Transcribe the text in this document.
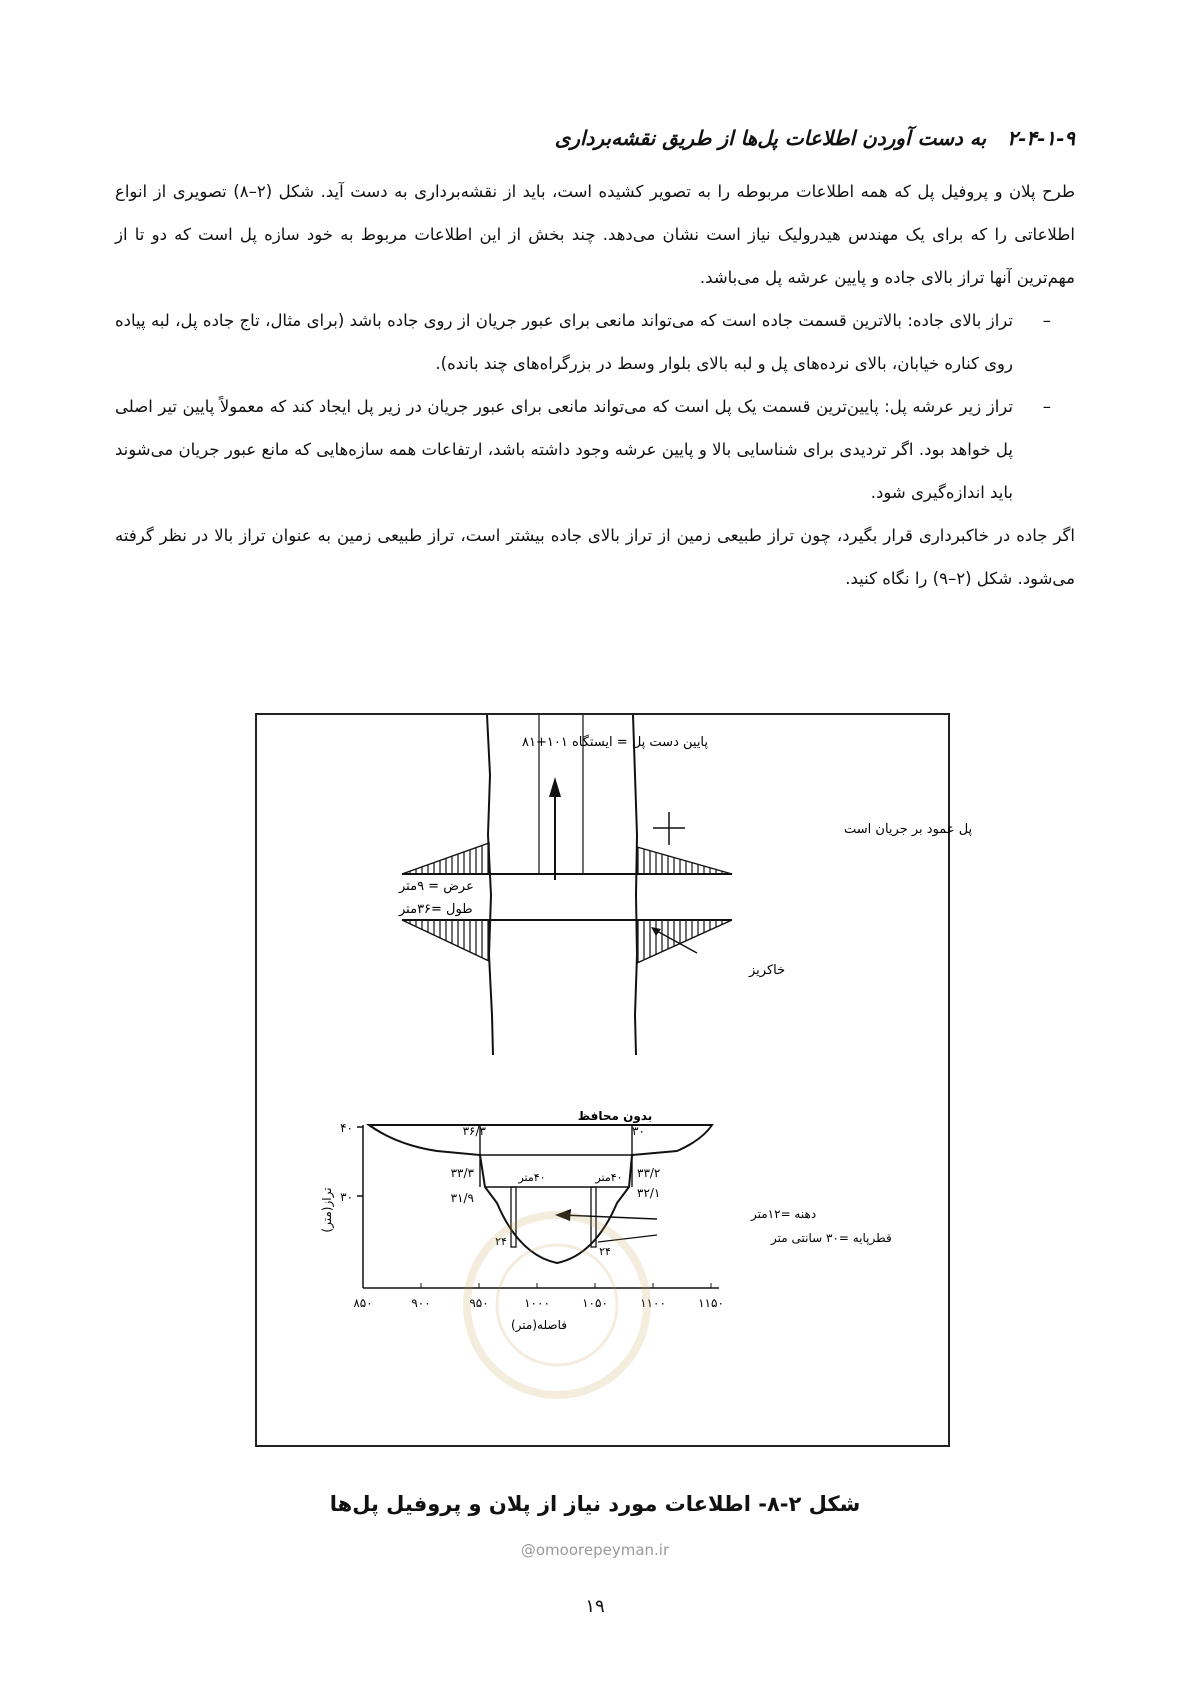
۲-۴-۱-۹ به دست آوردن اطلاعات پل‌ها از طریق نقشه‌برداری

طرح پلان و پروفیل پل که همه اطلاعات مربوطه را به تصویر کشیده است، باید از نقشه‌برداری به دست آید. شکل (۲–۸) تصویری از انواع اطلاعاتی را که برای یک مهندس هیدرولیک نیاز است نشان می‌دهد. چند بخش از این اطلاعات مربوط به خود سازه پل است که دو تا از مهم‌ترین آنها تراز بالای جاده و پایین عرشه پل می‌باشد.

–
تراز بالای جاده: بالاترین قسمت جاده است که می‌تواند مانعی برای عبور جریان از روی جاده باشد (برای مثال، تاج جاده پل، لبه پیاده روی کناره خیابان، بالای نرده‌های پل و لبه بالای بلوار وسط در بزرگراه‌های چند بانده).
–
تراز زیر عرشه پل: پایین‌ترین قسمت یک پل است که می‌تواند مانعی برای عبور جریان در زیر پل ایجاد کند که معمولاً پایین تیر اصلی پل خواهد بود. اگر تردیدی برای شناسایی بالا و پایین عرشه وجود داشته باشد، ارتفاعات همه سازه‌هایی که مانع عبور جریان می‌شوند باید اندازه‌گیری شود.

اگر جاده در خاکبرداری قرار بگیرد، چون تراز طبیعی زمین از تراز بالای جاده بیشتر است، تراز طبیعی زمین به عنوان تراز بالا در نظر گرفته می‌شود. شکل (۲–۹) را نگاه کنید.

پایین دست پل = ایستگاه ۱۰۱+۸۱
پل عمود بر جریان است
عرض = ۹متر
طول =۳۶متر
خاکریز
بدون محافظ
۴۰
۳۰
تراز(متر)
۳۶/۳	۳۰
۳۳/۳	۳۳/۲
۳۱/۹	۳۲/۱
۴۰متر	۴۰متر
۲۴
۲۴
دهنه =۱۲متر
قطرپایه =۳۰ سانتی متر
۸۵۰	۹۰۰	۹۵۰	۱۰۰۰	۱۰۵۰	۱۱۰۰	۱۱۵۰
فاصله(متر)
شکل ۲-۸- اطلاعات مورد نیاز از پلان و پروفیل پل‌ها
@omoorepeyman.ir
۱۹
